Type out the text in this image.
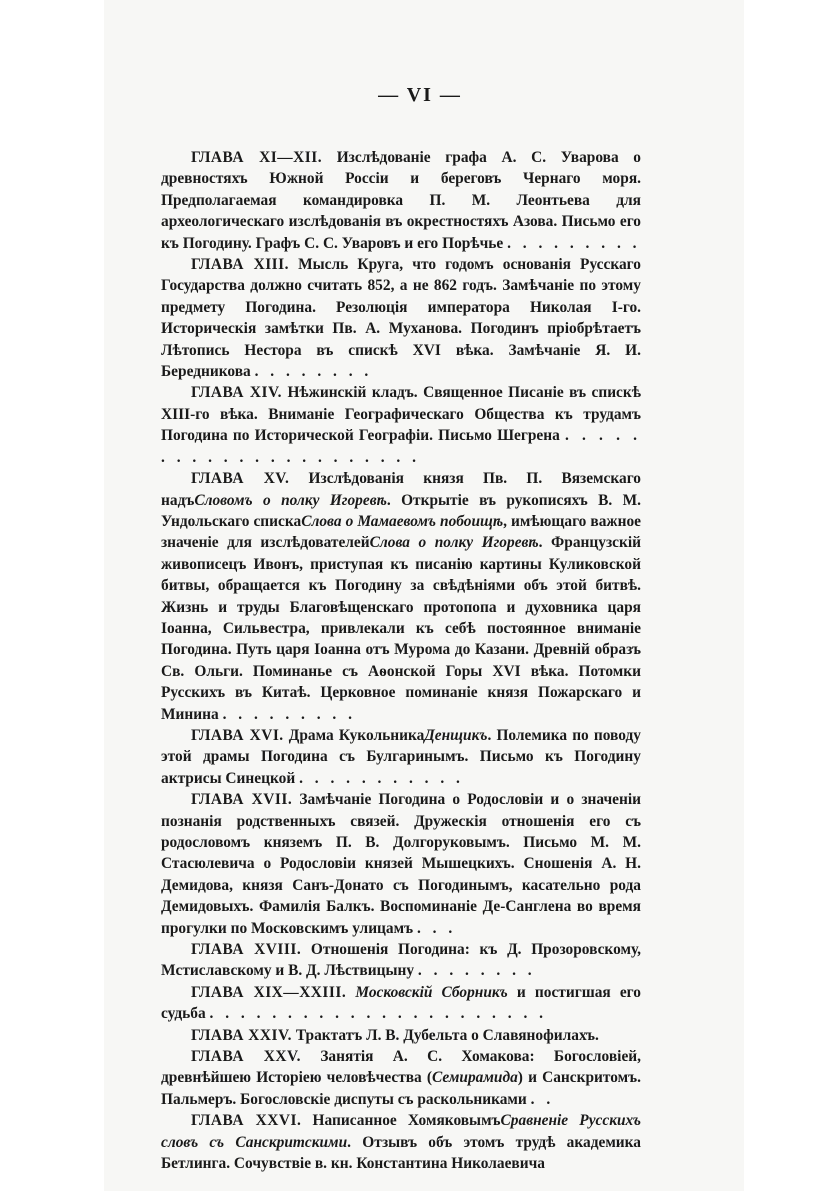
— VI —

ГЛАВА XI—XII. Изслѣдованіе графа А. С. Уварова о древностяхъ Южной Россіи и береговъ Чернаго моря. Предполагаемая командировка П. М. Леонтьева для археологическаго изслѣдованія въ окрестностяхъ Азова. Письмо его къ Погодину. Графъ С. С. Уваровъ и его Порѣчье . . . . . . . . .

ГЛАВА XIII. Мысль Круга, что годомъ основанія Русскаго Государства должно считать 852, а не 862 годъ. Замѣчаніе по этому предмету Погодина. Резолюція императора Николая I-го. Историческія замѣтки Пв. А. Муханова. Погодинъ пріобрѣтаетъ Лѣтопись Нестора въ спискѣ XVI вѣка. Замѣчаніе Я. И. Бередникова . . . . . . . .

ГЛАВА XIV. Нѣжинскій кладъ. Священное Писаніе въ спискѣ XIII-го вѣка. Вниманіе Географическаго Общества къ трудамъ Погодина по Исторической Географіи. Письмо Шегрена . . . . . . . . . . . . . . . . . . . . . .

ГЛАВА XV. Изслѣдованія князя Пв. П. Вяземскаго надъСловомъ о полку Игоревѣ. Открытіе въ рукописяхъ В. М. Ундольскаго спискаСлова о Мамаевомъ побоищѣ, имѣющаго важное значеніе для изслѣдователейСлова о полку Игоревѣ. Французскій живописецъ Ивонъ, приступая къ писанію картины Куликовской битвы, обращается къ Погодину за свѣдѣніями объ этой битвѣ. Жизнь и труды Благовѣщенскаго протопопа и духовника царя Іоанна, Сильвестра, привлекали къ себѣ постоянное вниманіе Погодина. Путь царя Іоанна отъ Мурома до Казани. Древній образъ Св. Ольги. Поминанье съ Аѳонской Горы XVI вѣка. Потомки Русскихъ въ Китаѣ. Церковное поминаніе князя Пожарскаго и Минина . . . . . . . . .

ГЛАВА XVI. Драма КукольникаДенщикъ. Полемика по поводу этой драмы Погодина съ Булгаринымъ. Письмо къ Погодину актрисы Синецкой . . . . . . . . . . .

ГЛАВА XVII. Замѣчаніе Погодина о Родословіи и о значеніи познанія родственныхъ связей. Дружескія отношенія его съ родословомъ княземъ П. В. Долгоруковымъ. Письмо М. М. Стасюлевича о Родословіи князей Мышецкихъ. Сношенія А. Н. Демидова, князя Санъ-Донато съ Погодинымъ, касательно рода Демидовыхъ. Фамилія Балкъ. Воспоминаніе Де-Санглена во время прогулки по Московскимъ улицамъ . . .

ГЛАВА XVIII. Отношенія Погодина: къ Д. Прозоровскому, Мстиславскому и В. Д. Лѣствицыну . . . . . . . .

ГЛАВА XIX—XXIII. Московскій Сборникъ и постигшая его судьба . . . . . . . . . . . . . . . . . . . . . .

ГЛАВА XXIV. Трактатъ Л. В. Дубельта о Славянофилахъ.

ГЛАВА XXV. Занятія А. С. Хомакова: Богословіей, древнѣйшею Исторіею человѣчества (Семирамида) и Санскритомъ. Пальмеръ. Богословскіе диспуты съ раскольниками . .

ГЛАВА XXVI. Написанное ХомяковымъСравненіе Русскихъ словъ съ Санскритскими. Отзывъ объ этомъ трудѣ академика Бетлинга. Сочувствіе в. кн. Константина Николаевича
